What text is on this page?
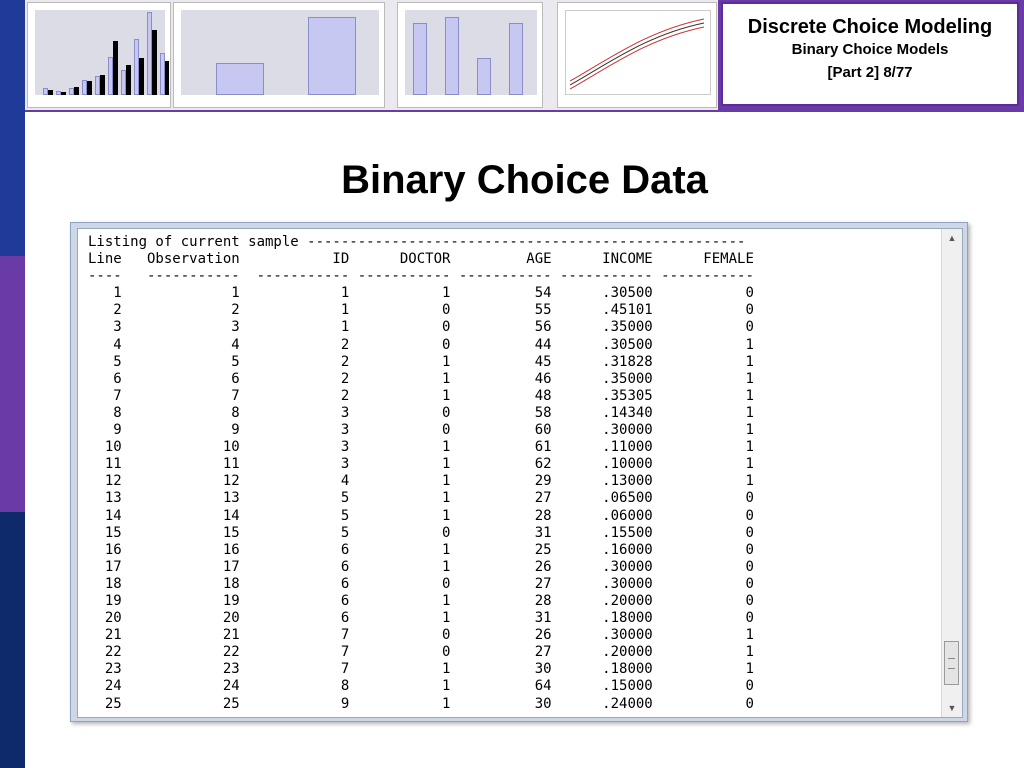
Discrete Choice Modeling
Binary Choice Models
[Part 2] 8/77
Binary Choice Data
Listing of current sample ----------------------------------------------------
Line   Observation           ID      DOCTOR         AGE      INCOME      FEMALE
----   -----------  ----------- ----------- ----------- ----------- -----------
1             1            1           1          54      .30500           0
2             2            1           0          55      .45101           0
3             3            1           0          56      .35000           0
4             4            2           0          44      .30500           1
5             5            2           1          45      .31828           1
6             6            2           1          46      .35000           1
7             7            2           1          48      .35305           1
8             8            3           0          58      .14340           1
9             9            3           0          60      .30000           1
10            10            3           1          61      .11000           1
11            11            3           1          62      .10000           1
12            12            4           1          29      .13000           1
13            13            5           1          27      .06500           0
14            14            5           1          28      .06000           0
15            15            5           0          31      .15500           0
16            16            6           1          25      .16000           0
17            17            6           1          26      .30000           0
18            18            6           0          27      .30000           0
19            19            6           1          28      .20000           0
20            20            6           1          31      .18000           0
21            21            7           0          26      .30000           1
22            22            7           0          27      .20000           1
23            23            7           1          30      .18000           1
24            24            8           1          64      .15000           0
25            25            9           1          30      .24000           0

▲
▼
